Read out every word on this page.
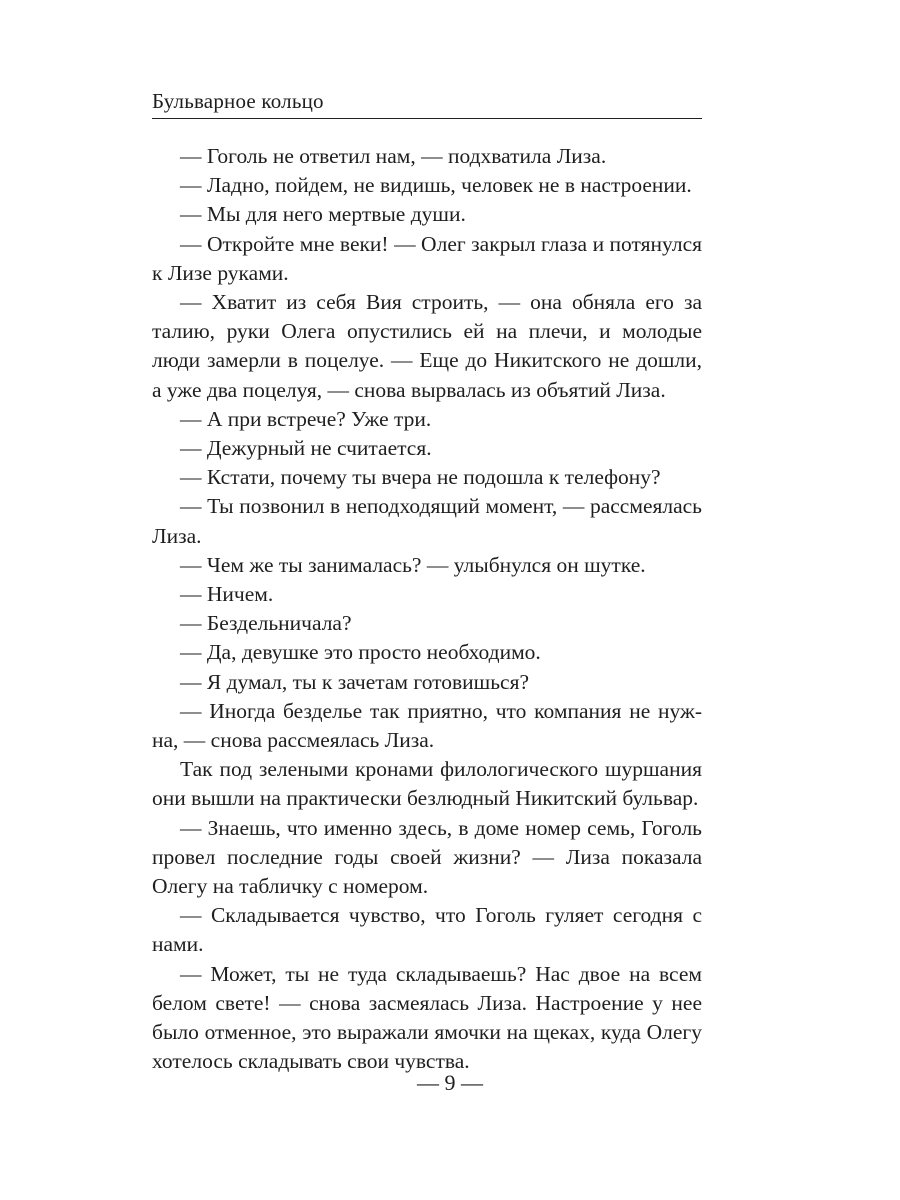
Бульварное кольцо

— Гоголь не ответил нам, — подхватила Лиза.

— Ладно, пойдем, не видишь, человек не в настроении.

— Мы для него мертвые души.

— Откройте мне веки! — Олег закрыл глаза и потянулся к Лизе руками.

— Хватит из себя Вия строить, — она обняла его за талию, руки Олега опустились ей на плечи, и молодые люди замерли в поцелуе. — Еще до Никитского не дошли, а уже два поцелуя, — снова вырвалась из объятий Лиза.

— А при встрече? Уже три.

— Дежурный не считается.

— Кстати, почему ты вчера не подошла к телефону?

— Ты позвонил в неподходящий момент, — рассмеялась Лиза.

— Чем же ты занималась? — улыбнулся он шутке.

— Ничем.

— Бездельничала?

— Да, девушке это просто необходимо.

— Я думал, ты к зачетам готовишься?

— Иногда безделье так приятно, что компания не нужна, — снова рассмеялась Лиза.

Так под зелеными кронами филологического шуршания они вышли на практически безлюдный Никитский бульвар.

— Знаешь, что именно здесь, в доме номер семь, Гоголь провел последние годы своей жизни? — Лиза показала Олегу на табличку с номером.

— Складывается чувство, что Гоголь гуляет сегодня с нами.

— Может, ты не туда складываешь? Нас двое на всем белом свете! — снова засмеялась Лиза. Настроение у нее было отменное, это выражали ямочки на щеках, куда Олегу хотелось складывать свои чувства.

— 9 —
